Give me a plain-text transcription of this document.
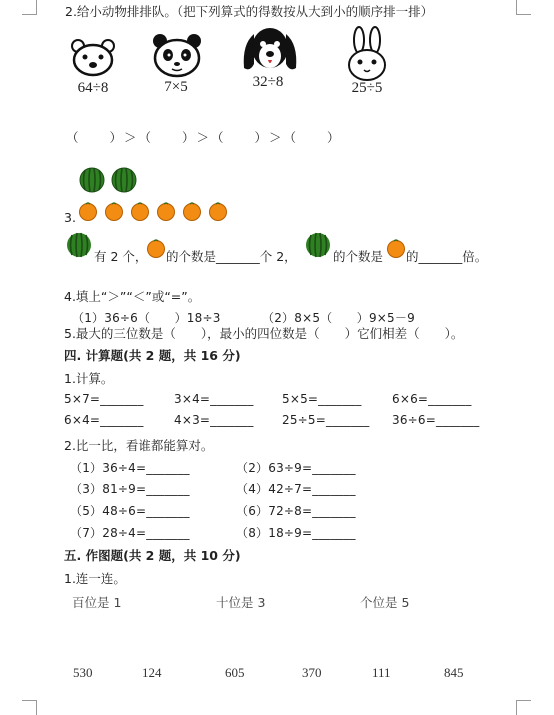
2.给小动物排排队。（把下列算式的得数按从大到小的顺序排一排）
64÷8	7×5	32÷8	25÷5
（　　）＞（　　）＞（　　）＞（　　）
3.
有 2 个， 的个数是_______个 2，	的个数是 的_______倍。
4.填上“＞”“＜”或“=”。
（1）36÷6（　　）18÷3	（2）8×5（　　）9×5－9
5.最大的三位数是（　　），最小的四位数是（　　）它们相差（　　）。
四. 计算题(共 2 题，共 16 分)
1.计算。
5×7=_______	3×4=_______ 5×5=_______	6×6=_______
6×4=_______	4×3=_______ 25÷5=_______ 36÷6=_______
2.比一比，看谁都能算对。
（1）36÷4=_______	（2）63÷9=_______
（3）81÷9=_______	（4）42÷7=_______
（5）48÷6=_______	（6）72÷8=_______
（7）28÷4=_______	（8）18÷9=_______
五. 作图题(共 2 题，共 10 分)
1.连一连。
百位是 1	十位是 3	个位是 5
530	124	605	370	111	845
